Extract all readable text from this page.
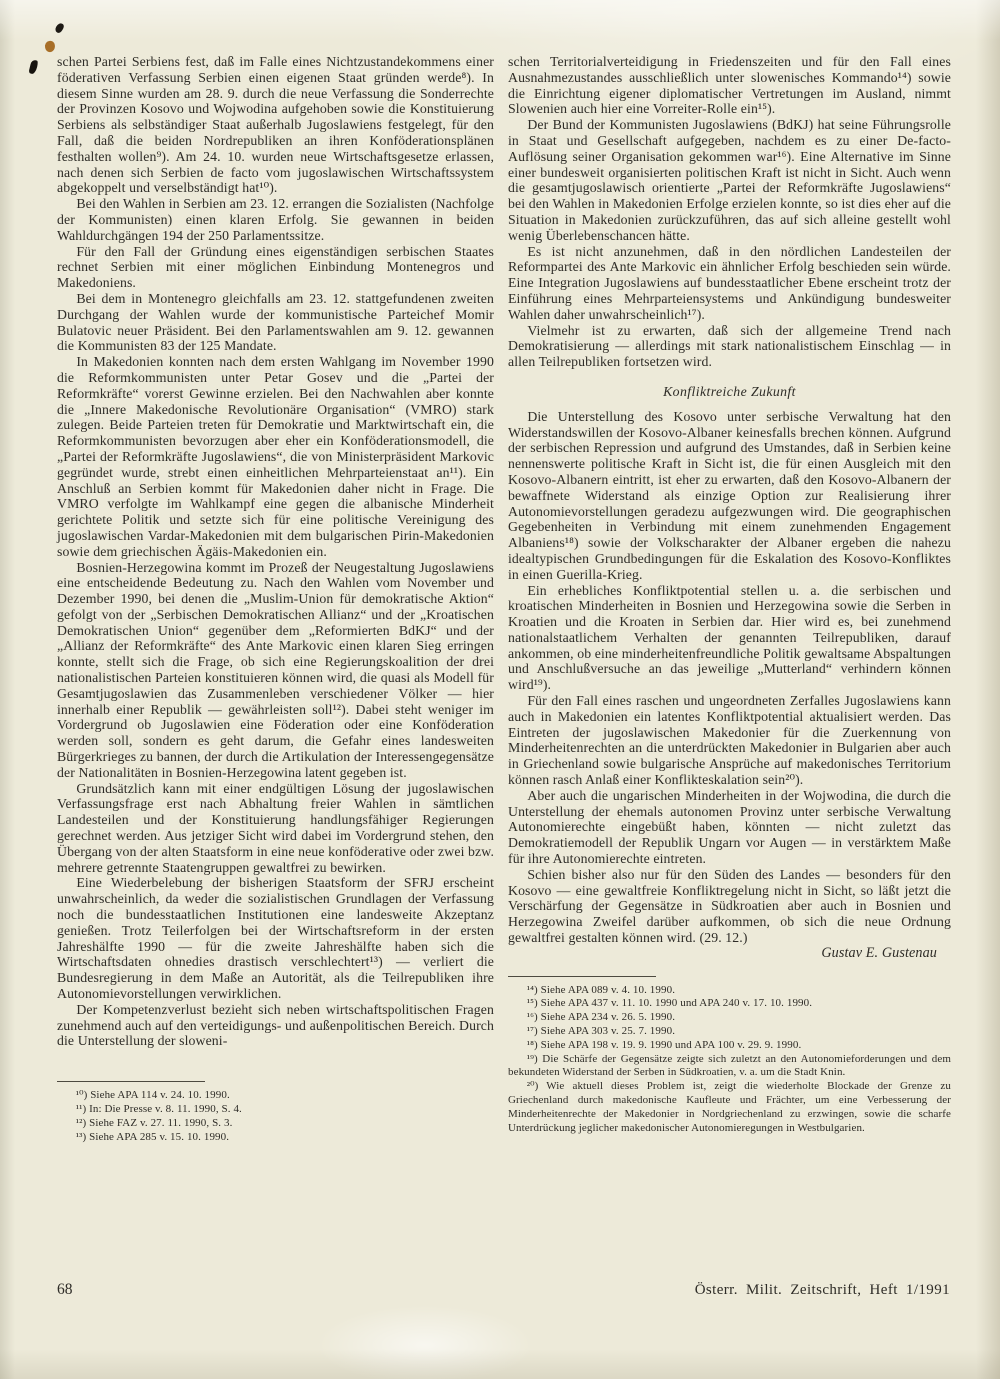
schen Partei Serbiens fest, daß im Falle eines Nichtzustandekommens einer föderativen Verfassung Serbien einen eigenen Staat gründen werde⁸). In diesem Sinne wurden am 28. 9. durch die neue Verfassung die Sonderrechte der Provinzen Kosovo und Wojwodina aufgehoben sowie die Konstituierung Serbiens als selbständiger Staat außerhalb Jugoslawiens festgelegt, für den Fall, daß die beiden Nordrepubliken an ihren Konföderationsplänen festhalten wollen⁹). Am 24. 10. wurden neue Wirtschaftsgesetze erlassen, nach denen sich Serbien de facto vom jugoslawischen Wirtschaftssystem abgekoppelt und verselbständigt hat¹⁰).

Bei den Wahlen in Serbien am 23. 12. errangen die Sozialisten (Nachfolge der Kommunisten) einen klaren Erfolg. Sie gewannen in beiden Wahldurchgängen 194 der 250 Parlamentssitze.

Für den Fall der Gründung eines eigenständigen serbischen Staates rechnet Serbien mit einer möglichen Einbindung Montenegros und Makedoniens.

Bei dem in Montenegro gleichfalls am 23. 12. stattgefundenen zweiten Durchgang der Wahlen wurde der kommunistische Parteichef Momir Bulatovic neuer Präsident. Bei den Parlamentswahlen am 9. 12. gewannen die Kommunisten 83 der 125 Mandate.

In Makedonien konnten nach dem ersten Wahlgang im November 1990 die Reformkommunisten unter Petar Gosev und die „Partei der Reformkräfte“ vorerst Gewinne erzielen. Bei den Nachwahlen aber konnte die „Innere Makedonische Revolutionäre Organisation“ (VMRO) stark zulegen. Beide Parteien treten für Demokratie und Marktwirtschaft ein, die Reformkommunisten bevorzugen aber eher ein Konföderationsmodell, die „Partei der Reformkräfte Jugoslawiens“, die von Ministerpräsident Markovic gegründet wurde, strebt einen einheitlichen Mehrparteienstaat an¹¹). Ein Anschluß an Serbien kommt für Makedonien daher nicht in Frage. Die VMRO verfolgte im Wahlkampf eine gegen die albanische Minderheit gerichtete Politik und setzte sich für eine politische Vereinigung des jugoslawischen Vardar-Makedonien mit dem bulgarischen Pirin-Makedonien sowie dem griechischen Ägäis-Makedonien ein.

Bosnien-Herzegowina kommt im Prozeß der Neugestaltung Jugoslawiens eine entscheidende Bedeutung zu. Nach den Wahlen vom November und Dezember 1990, bei denen die „Muslim-Union für demokratische Aktion“ gefolgt von der „Serbischen Demokratischen Allianz“ und der „Kroatischen Demokratischen Union“ gegenüber dem „Reformierten BdKJ“ und der „Allianz der Reformkräfte“ des Ante Markovic einen klaren Sieg erringen konnte, stellt sich die Frage, ob sich eine Regierungskoalition der drei nationalistischen Parteien konstituieren können wird, die quasi als Modell für Gesamtjugoslawien das Zusammenleben verschiedener Völker — hier innerhalb einer Republik — gewährleisten soll¹²). Dabei steht weniger im Vordergrund ob Jugoslawien eine Föderation oder eine Konföderation werden soll, sondern es geht darum, die Gefahr eines landesweiten Bürgerkrieges zu bannen, der durch die Artikulation der Interessengegensätze der Nationalitäten in Bosnien-Herzegowina latent gegeben ist.

Grundsätzlich kann mit einer endgültigen Lösung der jugoslawischen Verfassungsfrage erst nach Abhaltung freier Wahlen in sämtlichen Landesteilen und der Konstituierung handlungsfähiger Regierungen gerechnet werden. Aus jetziger Sicht wird dabei im Vordergrund stehen, den Übergang von der alten Staatsform in eine neue konföderative oder zwei bzw. mehrere getrennte Staatengruppen gewaltfrei zu bewirken.

Eine Wiederbelebung der bisherigen Staatsform der SFRJ erscheint unwahrscheinlich, da weder die sozialistischen Grundlagen der Verfassung noch die bundesstaatlichen Institutionen eine landesweite Akzeptanz genießen. Trotz Teilerfolgen bei der Wirtschaftsreform in der ersten Jahreshälfte 1990 — für die zweite Jahreshälfte haben sich die Wirtschaftsdaten ohnedies drastisch verschlechtert¹³) — verliert die Bundesregierung in dem Maße an Autorität, als die Teilrepubliken ihre Autonomievorstellungen verwirklichen.

Der Kompetenzverlust bezieht sich neben wirtschaftspolitischen Fragen zunehmend auch auf den verteidigungs- und außenpolitischen Bereich. Durch die Unterstellung der sloweni-

¹⁰) Siehe APA 114 v. 24. 10. 1990.

¹¹) In: Die Presse v. 8. 11. 1990, S. 4.

¹²) Siehe FAZ v. 27. 11. 1990, S. 3.

¹³) Siehe APA 285 v. 15. 10. 1990.

schen Territorialverteidigung in Friedenszeiten und für den Fall eines Ausnahmezustandes ausschließlich unter slowenisches Kommando¹⁴) sowie die Einrichtung eigener diplomatischer Vertretungen im Ausland, nimmt Slowenien auch hier eine Vorreiter-Rolle ein¹⁵).

Der Bund der Kommunisten Jugoslawiens (BdKJ) hat seine Führungsrolle in Staat und Gesellschaft aufgegeben, nachdem es zu einer De-facto-Auflösung seiner Organisation gekommen war¹⁶). Eine Alternative im Sinne einer bundesweit organisierten politischen Kraft ist nicht in Sicht. Auch wenn die gesamtjugoslawisch orientierte „Partei der Reformkräfte Jugoslawiens“ bei den Wahlen in Makedonien Erfolge erzielen konnte, so ist dies eher auf die Situation in Makedonien zurückzuführen, das auf sich alleine gestellt wohl wenig Überlebenschancen hätte.

Es ist nicht anzunehmen, daß in den nördlichen Landesteilen der Reformpartei des Ante Markovic ein ähnlicher Erfolg beschieden sein würde. Eine Integration Jugoslawiens auf bundesstaatlicher Ebene erscheint trotz der Einführung eines Mehrparteiensystems und Ankündigung bundesweiter Wahlen daher unwahrscheinlich¹⁷).

Vielmehr ist zu erwarten, daß sich der allgemeine Trend nach Demokratisierung — allerdings mit stark nationalistischem Einschlag — in allen Teilrepubliken fortsetzen wird.

Konfliktreiche Zukunft

Die Unterstellung des Kosovo unter serbische Verwaltung hat den Widerstandswillen der Kosovo-Albaner keinesfalls brechen können. Aufgrund der serbischen Repression und aufgrund des Umstandes, daß in Serbien keine nennenswerte politische Kraft in Sicht ist, die für einen Ausgleich mit den Kosovo-Albanern eintritt, ist eher zu erwarten, daß den Kosovo-Albanern der bewaffnete Widerstand als einzige Option zur Realisierung ihrer Autonomievorstellungen geradezu aufgezwungen wird. Die geographischen Gegebenheiten in Verbindung mit einem zunehmenden Engagement Albaniens¹⁸) sowie der Volkscharakter der Albaner ergeben die nahezu idealtypischen Grundbedingungen für die Eskalation des Kosovo-Konfliktes in einen Guerilla-Krieg.

Ein erhebliches Konfliktpotential stellen u. a. die serbischen und kroatischen Minderheiten in Bosnien und Herzegowina sowie die Serben in Kroatien und die Kroaten in Serbien dar. Hier wird es, bei zunehmend nationalstaatlichem Verhalten der genannten Teilrepubliken, darauf ankommen, ob eine minderheitenfreundliche Politik gewaltsame Abspaltungen und Anschlußversuche an das jeweilige „Mutterland“ verhindern können wird¹⁹).

Für den Fall eines raschen und ungeordneten Zerfalles Jugoslawiens kann auch in Makedonien ein latentes Konfliktpotential aktualisiert werden. Das Eintreten der jugoslawischen Makedonier für die Zuerkennung von Minderheitenrechten an die unterdrückten Makedonier in Bulgarien aber auch in Griechenland sowie bulgarische Ansprüche auf makedonisches Territorium können rasch Anlaß einer Konflikteskalation sein²⁰).

Aber auch die ungarischen Minderheiten in der Wojwodina, die durch die Unterstellung der ehemals autonomen Provinz unter serbische Verwaltung Autonomierechte eingebüßt haben, könnten — nicht zuletzt das Demokratiemodell der Republik Ungarn vor Augen — in verstärktem Maße für ihre Autonomierechte eintreten.

Schien bisher also nur für den Süden des Landes — besonders für den Kosovo — eine gewaltfreie Konfliktregelung nicht in Sicht, so läßt jetzt die Verschärfung der Gegensätze in Südkroatien aber auch in Bosnien und Herzegowina Zweifel darüber aufkommen, ob sich die neue Ordnung gewaltfrei gestalten können wird. (29. 12.)

Gustav E. Gustenau

¹⁴) Siehe APA 089 v. 4. 10. 1990.

¹⁵) Siehe APA 437 v. 11. 10. 1990 und APA 240 v. 17. 10. 1990.

¹⁶) Siehe APA 234 v. 26. 5. 1990.

¹⁷) Siehe APA 303 v. 25. 7. 1990.

¹⁸) Siehe APA 198 v. 19. 9. 1990 und APA 100 v. 29. 9. 1990.

¹⁹) Die Schärfe der Gegensätze zeigte sich zuletzt an den Autonomieforderungen und dem bekundeten Widerstand der Serben in Südkroatien, v. a. um die Stadt Knin.

²⁰) Wie aktuell dieses Problem ist, zeigt die wiederholte Blockade der Grenze zu Griechenland durch makedonische Kaufleute und Frächter, um eine Verbesserung der Minderheitenrechte der Makedonier in Nordgriechenland zu erzwingen, sowie die scharfe Unterdrückung jeglicher makedonischer Autonomieregungen in Westbulgarien.

68	Österr. Milit. Zeitschrift, Heft 1/1991
